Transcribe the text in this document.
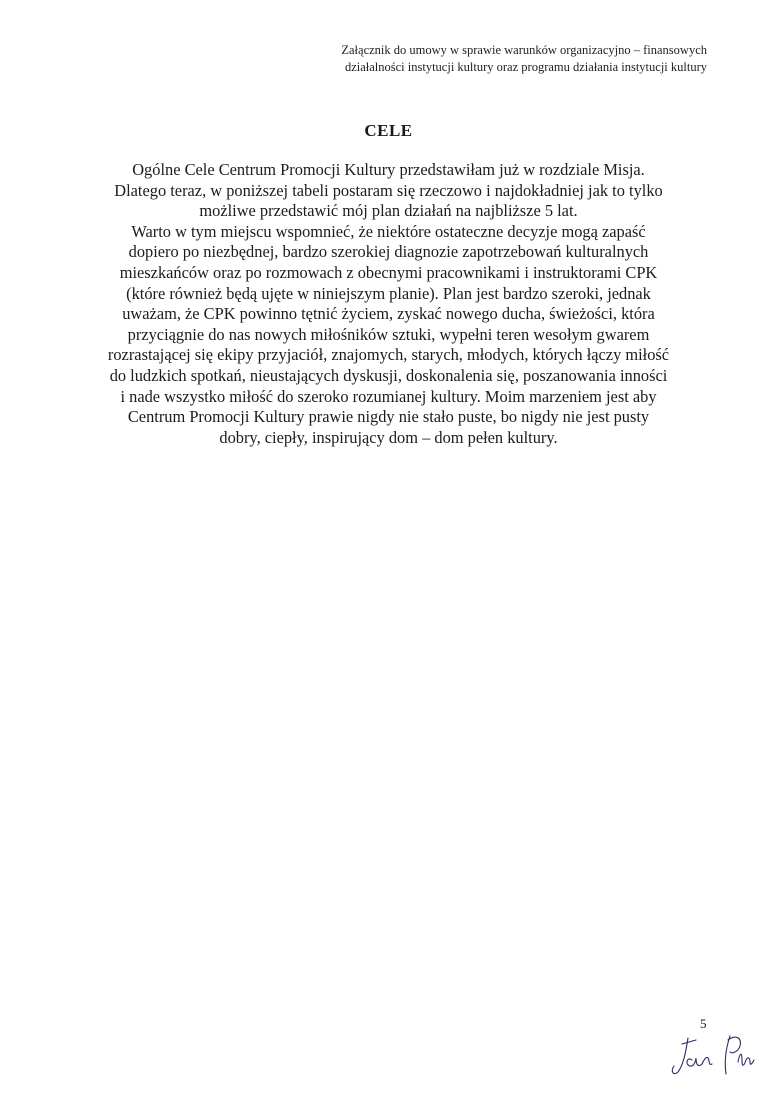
Załącznik do umowy w sprawie warunków organizacyjno – finansowych
działalności instytucji kultury oraz programu działania instytucji kultury
CELE
Ogólne Cele Centrum Promocji Kultury przedstawiłam już w rozdziale Misja.
Dlatego teraz, w poniższej tabeli postaram się rzeczowo i najdokładniej jak to tylko
możliwe przedstawić mój plan działań na najbliższe 5 lat.
Warto w tym miejscu wspomnieć, że niektóre ostateczne decyzje mogą zapaść
dopiero po niezbędnej, bardzo szerokiej diagnozie zapotrzebowań kulturalnych
mieszkańców oraz po rozmowach z obecnymi pracownikami i instruktorami CPK
(które również będą ujęte w niniejszym planie). Plan jest bardzo szeroki, jednak
uważam, że CPK powinno tętnić życiem, zyskać nowego ducha, świeżości, która
przyciągnie do nas nowych miłośników sztuki, wypełni teren wesołym gwarem
rozrastającej się ekipy przyjaciół, znajomych, starych, młodych, których łączy miłość
do ludzkich spotkań, nieustających dyskusji, doskonalenia się, poszanowania inności
i nade wszystko miłość do szeroko rozumianej kultury. Moim marzeniem jest aby
Centrum Promocji Kultury prawie nigdy nie stało puste, bo nigdy nie jest pusty
dobry, ciepły, inspirujący dom – dom pełen kultury.
5
